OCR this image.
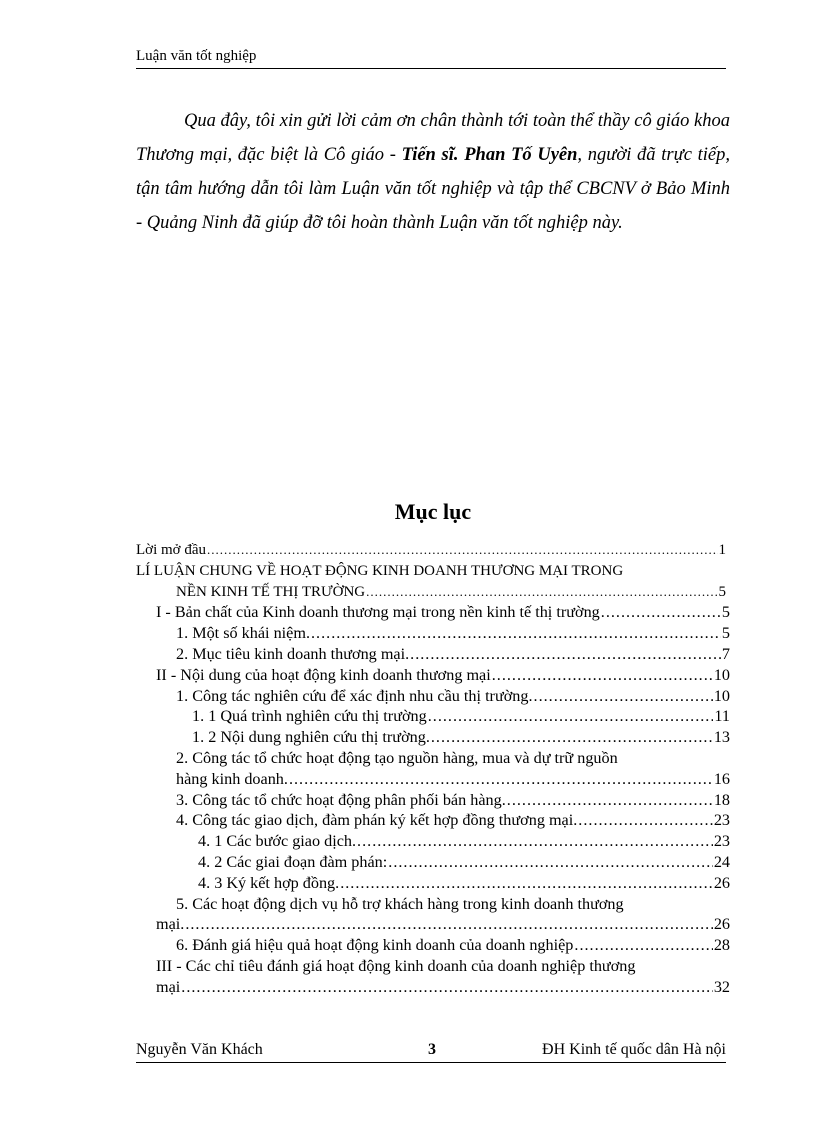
Luận văn tốt nghiệp

Qua đây, tôi xin gửi lời cảm ơn chân thành tới toàn thể thầy cô giáo khoa Thương mại, đặc biệt là Cô giáo - Tiến sĩ. Phan Tố Uyên, người đã trực tiếp, tận tâm hướng dẫn tôi làm Luận văn tốt nghiệp và tập thể CBCNV ở Bảo Minh - Quảng Ninh đã giúp đỡ tôi hoàn thành Luận văn tốt nghiệp này.

Mục lục
Lời mở đầu .....	1
LÍ LUẬN CHUNG VỀ HOẠT ĐỘNG KINH DOANH THƯƠNG MẠI TRONG
NỀN KINH TẾ THỊ TRƯỜNG .....	5
I - Bản chất của Kinh doanh thương mại trong nền kinh tế thị trường .....	5
1. Một số khái niệm. .....	5
2. Mục tiêu kinh doanh thương mại. .....	7
II - Nội dung của hoạt động kinh doanh thương mại .....	10
1. Công tác nghiên cứu để xác định nhu cầu thị trường. .....	10
1. 1 Quá trình nghiên cứu thị trường .....	11
1. 2 Nội dung nghiên cứu thị trường. .....	13
2. Công tác tổ chức hoạt động tạo nguồn hàng, mua và dự trữ nguồn
hàng kinh doanh. .....	16
3. Công tác tổ chức hoạt động phân phối bán hàng. .....	18
4. Công tác giao dịch, đàm phán ký kết hợp đồng thương mại. .....	23
4. 1 Các bước giao dịch. .....	23
4. 2 Các giai đoạn đàm phán: .....	24
4. 3 Ký kết hợp đồng. .....	26
5. Các hoạt động dịch vụ hỗ trợ khách hàng trong kinh doanh thương
mại. .....	26
6. Đánh giá hiệu quả hoạt động kinh doanh của doanh nghiệp .....	28
III - Các chỉ tiêu đánh giá hoạt động kinh doanh của doanh nghiệp thương
mại .....	32
Nguyễn Văn Khách	3	ĐH Kinh tế quốc dân Hà nội
